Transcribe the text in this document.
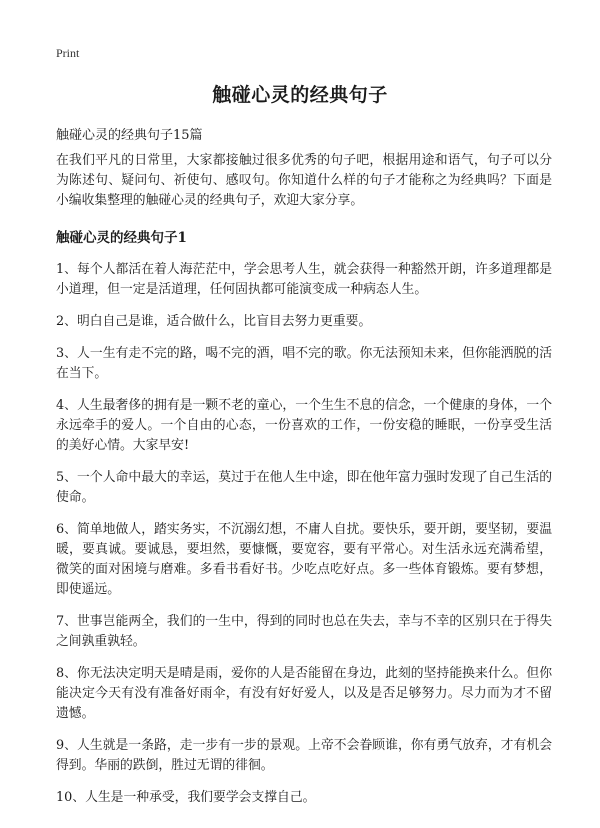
Print
触碰心灵的经典句子
触碰心灵的经典句子15篇

在我们平凡的日常里，大家都接触过很多优秀的句子吧，根据用途和语气，句子可以分为陈述句、疑问句、祈使句、感叹句。你知道什么样的句子才能称之为经典吗？下面是小编收集整理的触碰心灵的经典句子，欢迎大家分享。

触碰心灵的经典句子1

1、每个人都活在着人海茫茫中，学会思考人生，就会获得一种豁然开朗，许多道理都是小道理，但一定是活道理，任何固执都可能演变成一种病态人生。

2、明白自己是谁，适合做什么，比盲目去努力更重要。

3、人一生有走不完的路，喝不完的酒，唱不完的歌。你无法预知未来，但你能洒脱的活在当下。

4、人生最奢侈的拥有是一颗不老的童心，一个生生不息的信念，一个健康的身体，一个永远牵手的爱人。一个自由的心态，一份喜欢的工作，一份安稳的睡眠，一份享受生活的美好心情。大家早安!

5、一个人命中最大的幸运，莫过于在他人生中途，即在他年富力强时发现了自己生活的使命。

6、简单地做人，踏实务实，不沉溺幻想，不庸人自扰。要快乐，要开朗，要坚韧，要温暖，要真诚。要诚恳，要坦然，要慷慨，要宽容，要有平常心。对生活永远充满希望，微笑的面对困境与磨难。多看书看好书。少吃点吃好点。多一些体育锻炼。要有梦想，即使遥远。

7、世事岂能两全，我们的一生中，得到的同时也总在失去，幸与不幸的区别只在于得失之间孰重孰轻。

8、你无法决定明天是晴是雨，爱你的人是否能留在身边，此刻的坚持能换来什么。但你能决定今天有没有准备好雨伞，有没有好好爱人，以及是否足够努力。尽力而为才不留遗憾。

9、人生就是一条路，走一步有一步的景观。上帝不会眷顾谁，你有勇气放弃，才有机会得到。华丽的跌倒，胜过无谓的徘徊。

10、人生是一种承受，我们要学会支撑自己。
